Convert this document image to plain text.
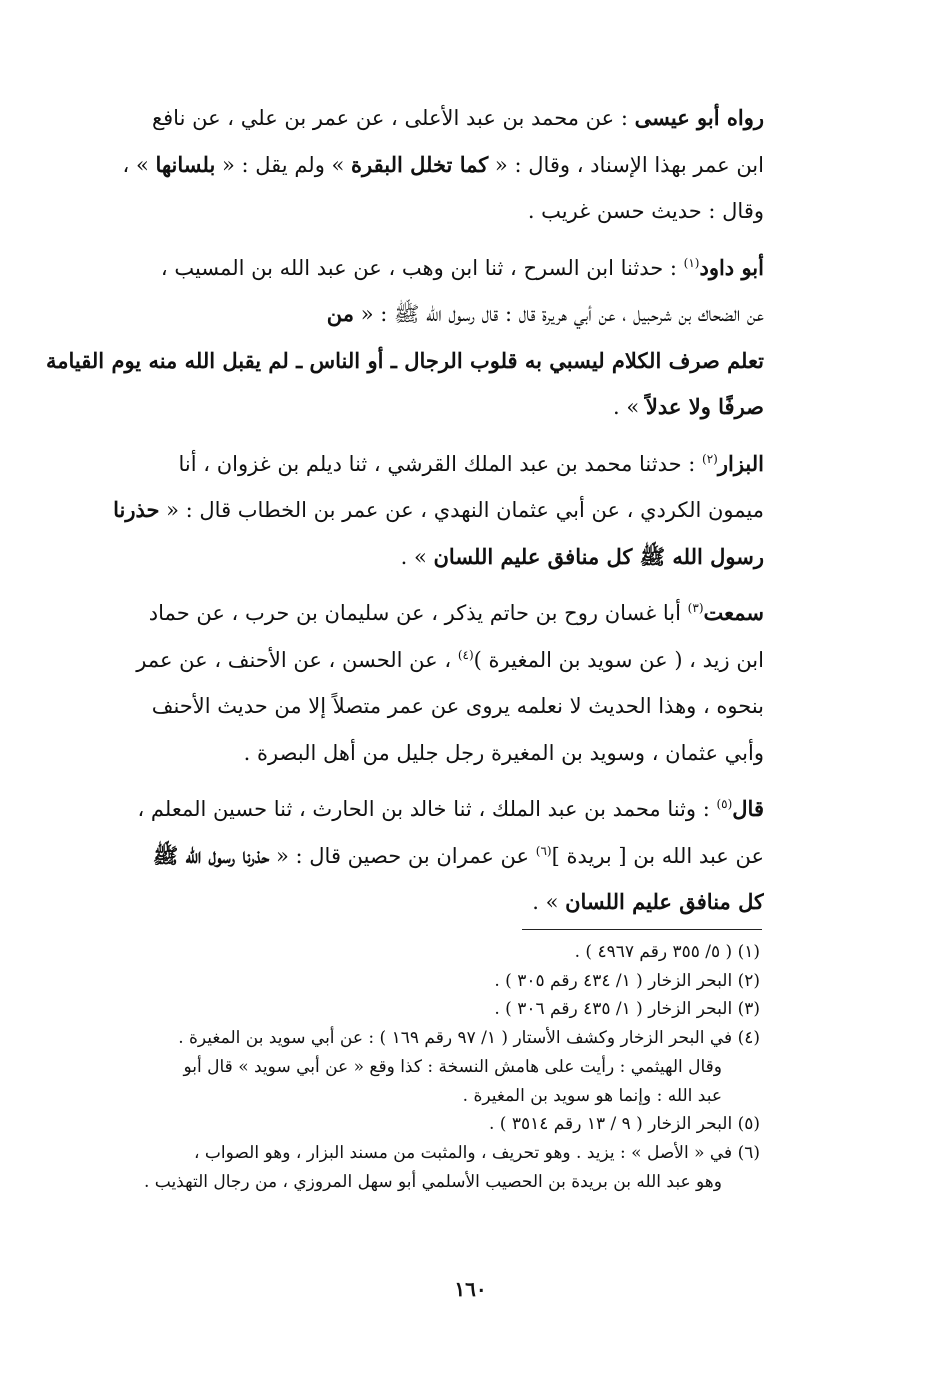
رواه أبو عيسى : عن محمد بن عبد الأعلى ، عن عمر بن علي ، عن نافع
ابن عمر بهذا الإسناد ، وقال : « كما تخلل البقرة » ولم يقل : « بلسانها » ،
وقال : حديث حسن غريب .
أبو داود$^{(١)}$ : حدثنا ابن السرح ، ثنا ابن وهب ، عن عبد الله بن المسيب ،
عن الضحاك بن شرحبيل ، عن أبي هريرة قال : قال رسول الله ﷺ : « من
تعلم صرف الكلام ليسبي به قلوب الرجال ـ أو الناس ـ لم يقبل الله منه يوم القيامة
صرفًا ولا عدلاً » .
البزار$^{(٢)}$ : حدثنا محمد بن عبد الملك القرشي ، ثنا ديلم بن غزوان ، أنا
ميمون الكردي ، عن أبي عثمان النهدي ، عن عمر بن الخطاب قال : « حذرنا
رسول الله ﷺ كل منافق عليم اللسان » .
سمعت$^{(٣)}$ أبا غسان روح بن حاتم يذكر ، عن سليمان بن حرب ، عن حماد
ابن زيد ، ( عن سويد بن المغيرة )$^{(٤)}$ ، عن الحسن ، عن الأحنف ، عن عمر
بنحوه ، وهذا الحديث لا نعلمه يروى عن عمر متصلاً إلا من حديث الأحنف
وأبي عثمان ، وسويد بن المغيرة رجل جليل من أهل البصرة .
قال$^{(٥)}$ : وثنا محمد بن عبد الملك ، ثنا خالد بن الحارث ، ثنا حسين المعلم ،
عن عبد الله بن [ بريدة ]$^{(٦)}$ عن عمران بن حصين قال : « حذرنا رسول الله ﷺ
كل منافق عليم اللسان » .
(١) ( ٥/ ٣٥٥ رقم ٤٩٦٧ ) .
(٢) البحر الزخار ( ١/ ٤٣٤ رقم ٣٠٥ ) .
(٣) البحر الزخار ( ١/ ٤٣٥ رقم ٣٠٦ ) .
(٤) في البحر الزخار وكشف الأستار ( ١/ ٩٧ رقم ١٦٩ ) : عن أبي سويد بن المغيرة .
وقال الهيثمي : رأيت على هامش النسخة : كذا وقع « عن أبي سويد » قال أبو
عبد الله : وإنما هو سويد بن المغيرة .
(٥) البحر الزخار ( ٩ / ١٣ رقم ٣٥١٤ ) .
(٦) في « الأصل » : يزيد . وهو تحريف ، والمثبت من مسند البزار ، وهو الصواب ،
وهو عبد الله بن بريدة بن الحصيب الأسلمي أبو سهل المروزي ، من رجال التهذيب .
١٦٠
